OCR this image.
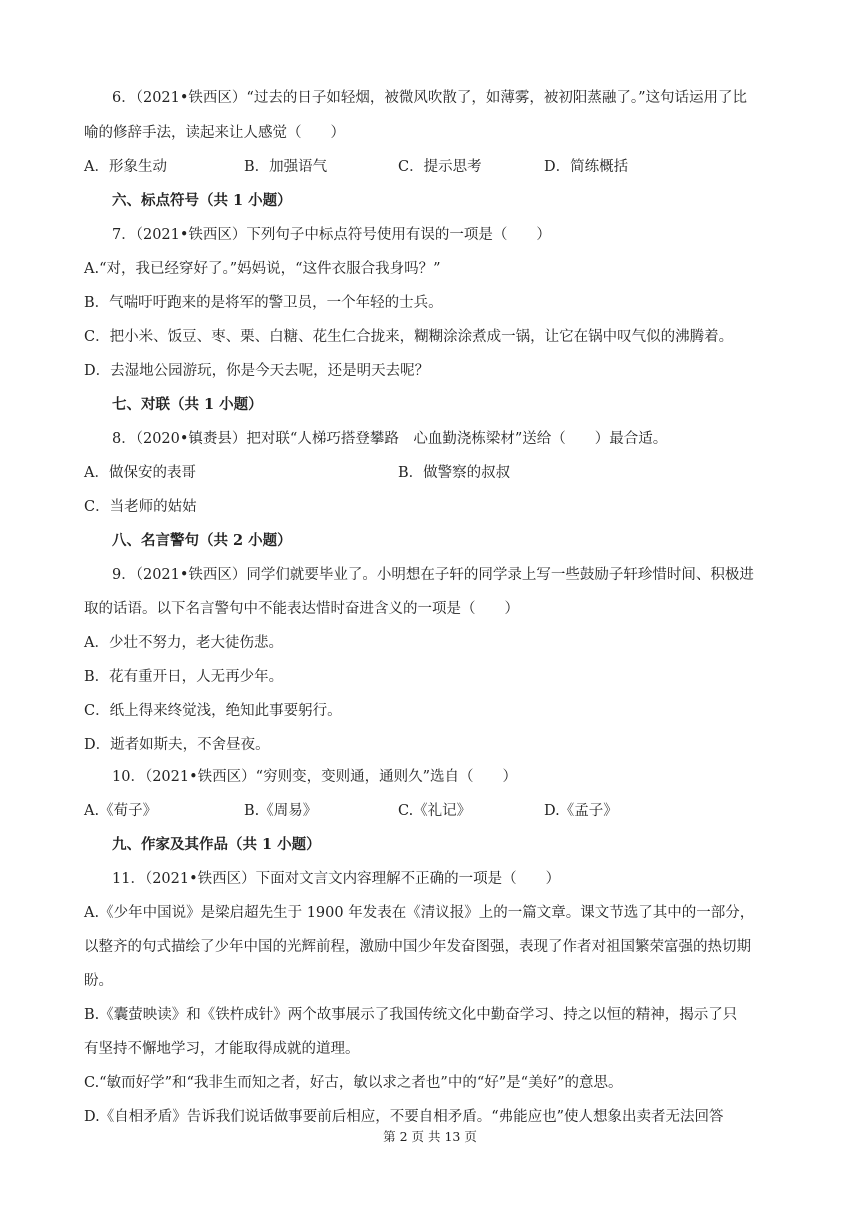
6．（2021•铁西区）“过去的日子如轻烟，被微风吹散了，如薄雾，被初阳蒸融了。”这句话运用了比
喻的修辞手法，读起来让人感觉（　　）
A．形象生动	B．加强语气	C．提示思考	D．简练概括
六、标点符号（共 1 小题）
7．（2021•铁西区）下列句子中标点符号使用有误的一项是（　　）
A.“对，我已经穿好了。”妈妈说，“这件衣服合我身吗？”
B．气喘吁吁跑来的是将军的警卫员，一个年轻的士兵。
C．把小米、饭豆、枣、栗、白糖、花生仁合拢来，糊糊涂涂煮成一锅，让它在锅中叹气似的沸腾着。
D．去湿地公园游玩，你是今天去呢，还是明天去呢？
七、对联（共 1 小题）
8．（2020•镇赉县）把对联“人梯巧搭登攀路　心血勤浇栋梁材”送给（　　）最合适。
A．做保安的表哥	B．做警察的叔叔
C．当老师的姑姑
八、名言警句（共 2 小题）
9．（2021•铁西区）同学们就要毕业了。小明想在子轩的同学录上写一些鼓励子轩珍惜时间、积极进
取的话语。以下名言警句中不能表达惜时奋进含义的一项是（　　）
A．少壮不努力，老大徒伤悲。
B．花有重开日，人无再少年。
C．纸上得来终觉浅，绝知此事要躬行。
D．逝者如斯夫，不舍昼夜。
10．（2021•铁西区）“穷则变，变则通，通则久”选自（　　）
A.《荀子》	B.《周易》	C.《礼记》	D.《孟子》
九、作家及其作品（共 1 小题）
11．（2021•铁西区）下面对文言文内容理解不正确的一项是（　　）
A.《少年中国说》是梁启超先生于 1900 年发表在《清议报》上的一篇文章。课文节选了其中的一部分，
以整齐的句式描绘了少年中国的光辉前程，激励中国少年发奋图强，表现了作者对祖国繁荣富强的热切期
盼。
B.《囊萤映读》和《铁杵成针》两个故事展示了我国传统文化中勤奋学习、持之以恒的精神，揭示了只
有坚持不懈地学习，才能取得成就的道理。
C.“敏而好学”和“我非生而知之者，好古，敏以求之者也”中的“好”是“美好”的意思。
D.《自相矛盾》告诉我们说话做事要前后相应，不要自相矛盾。“弗能应也”使人想象出卖者无法回答
第 2 页 共 13 页
